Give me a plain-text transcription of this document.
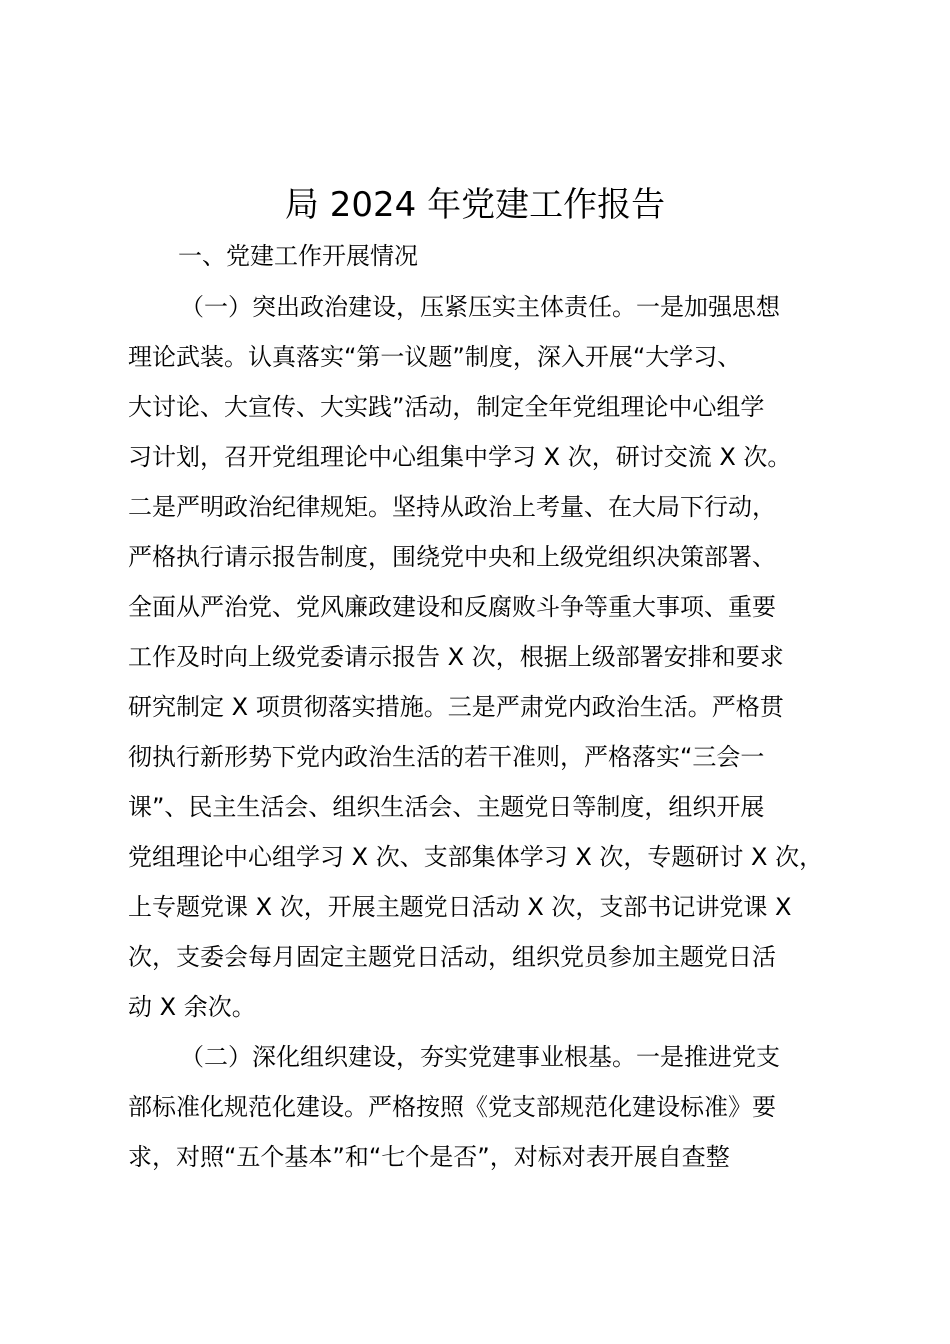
局 2024 年党建工作报告
一、党建工作开展情况
（一）突出政治建设，压紧压实主体责任。一是加强思想
理论武装。认真落实“第一议题”制度，深入开展“大学习、
大讨论、大宣传、大实践”活动，制定全年党组理论中心组学
习计划，召开党组理论中心组集中学习 X 次，研讨交流 X 次。
二是严明政治纪律规矩。坚持从政治上考量、在大局下行动，
严格执行请示报告制度，围绕党中央和上级党组织决策部署、
全面从严治党、党风廉政建设和反腐败斗争等重大事项、重要
工作及时向上级党委请示报告 X 次，根据上级部署安排和要求
研究制定 X 项贯彻落实措施。三是严肃党内政治生活。严格贯
彻执行新形势下党内政治生活的若干准则，严格落实“三会一
课”、民主生活会、组织生活会、主题党日等制度，组织开展
党组理论中心组学习 X 次、支部集体学习 X 次，专题研讨 X 次，
上专题党课 X 次，开展主题党日活动 X 次，支部书记讲党课 X
次，支委会每月固定主题党日活动，组织党员参加主题党日活
动 X 余次。
（二）深化组织建设，夯实党建事业根基。一是推进党支
部标准化规范化建设。严格按照《党支部规范化建设标准》要
求，对照“五个基本”和“七个是否”，对标对表开展自查整
